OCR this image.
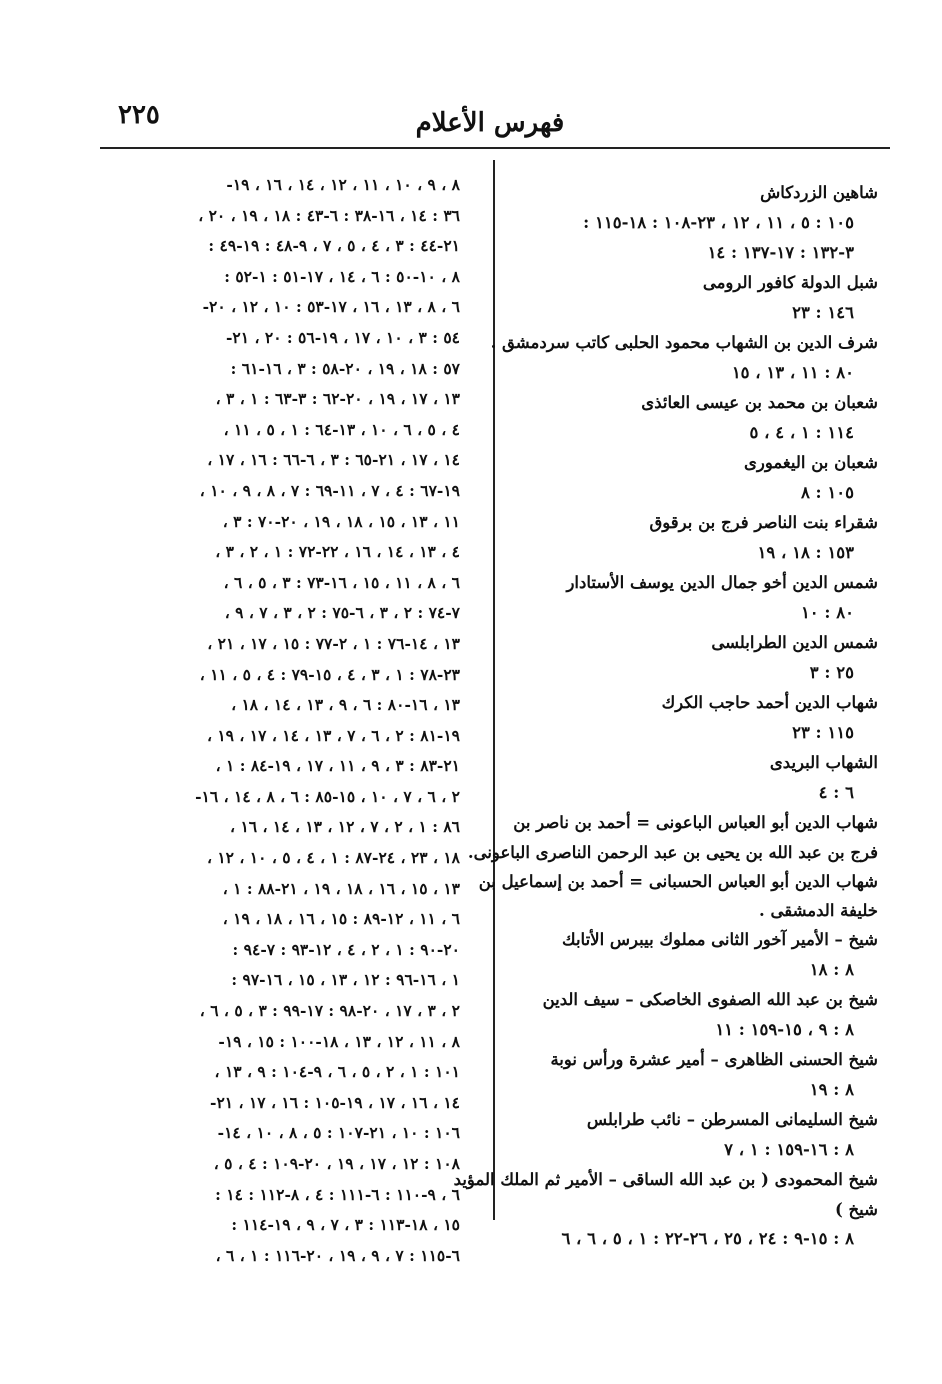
٢٢٥	فهرس الأعلام
شاهين الزردكاش
١٠٥ : ٥ ، ١١ ، ١٢ ، ٢٣-١٠٨ : ١٨-١١٥ :
٣-١٣٢ : ١٧-١٣٧ : ١٤
شبل الدولة كافور الرومى
١٤٦ : ٢٣
شرف الدين بن الشهاب محمود الحلبى كاتب سردمشق .
٨٠ : ١١ ، ١٣ ، ١٥
شعبان بن محمد بن عيسى العائذى
١١٤ : ١ ، ٤ ، ٥
شعبان بن اليغمورى
١٠٥ : ٨
شقراء بنت الناصر فرج بن برقوق
١٥٣ : ١٨ ، ١٩
شمس الدين أخو جمال الدين يوسف الأستادار
٨٠ : ١٠
شمس الدين الطرابلسى
٢٥ : ٣
شهاب الدين أحمد حاجب الكرك
١١٥ : ٢٣
الشهاب البريدى
٦ : ٤
شهاب الدين أبو العباس الباعونى = أحمد بن ناصر بن
فرج بن عبد الله بن يحيى بن عبد الرحمن الناصرى الباعونى.
شهاب الدين أبو العباس الحسبانى = أحمد بن إسماعيل بن
خليفة الدمشقى .
شيخ – الأمير آخور الثانى مملوك بيبرس الأتابك
٨ : ١٨
شيخ بن عبد الله الصفوى الخاصكى – سيف الدين
٨ : ٩ ، ١٥-١٥٩ : ١١
شيخ الحسنى الظاهرى – أمير عشرة ورأس نوبة
٨ : ١٩
شيخ السليمانى المسرطن – نائب طرابلس
٨ : ١٦-١٥٩ : ١ ، ٧
شيخ المحمودى ( بن عبد الله الساقى – الأمير ثم الملك المؤيد
شيخ )
٨ : ١٥-٩ : ٢٤ ، ٢٥ ، ٢٦-٢٢ : ١ ، ٥ ، ٦ ، ٦
٨ ، ٩ ، ١٠ ، ١١ ، ١٢ ، ١٤ ، ١٦ ، ١٩-
٣٦ : ١٤ ، ١٦-٣٨ : ٦-٤٣ : ١٨ ، ١٩ ، ٢٠ ،
٢١-٤٤ : ٣ ، ٤ ، ٥ ، ٧ ، ٩-٤٨ : ١٩-٤٩ :
٨ ، ١٠-٥٠ : ٦ ، ١٤ ، ١٧-٥١ : ١-٥٢ :
٦ ، ٨ ، ١٣ ، ١٦ ، ١٧-٥٣ : ١٠ ، ١٢ ، ٢٠-
٥٤ : ٣ ، ١٠ ، ١٧ ، ١٩-٥٦ : ٢٠ ، ٢١-
٥٧ : ١٨ ، ١٩ ، ٢٠-٥٨ : ٣ ، ١٦-٦١ :
١٣ ، ١٧ ، ١٩ ، ٢٠-٦٢ : ٣-٦٣ : ١ ، ٣ ،
٤ ، ٥ ، ٦ ، ١٠ ، ١٣-٦٤ : ١ ، ٥ ، ١١ ،
١٤ ، ١٧ ، ٢١-٦٥ : ٣ ، ٦-٦٦ : ١٦ ، ١٧ ،
١٩-٦٧ : ٤ ، ٧ ، ١١-٦٩ : ٧ ، ٨ ، ٩ ، ١٠ ،
١١ ، ١٣ ، ١٥ ، ١٨ ، ١٩ ، ٢٠-٧٠ : ٣ ،
٤ ، ١٣ ، ١٤ ، ١٦ ، ٢٢-٧٢ : ١ ، ٢ ، ٣ ،
٦ ، ٨ ، ١١ ، ١٥ ، ١٦-٧٣ : ٣ ، ٥ ، ٦ ،
٧-٧٤ : ٢ ، ٣ ، ٦-٧٥ : ٢ ، ٣ ، ٧ ، ٩ ،
١٣ ، ١٤-٧٦ : ١ ، ٢-٧٧ : ١٥ ، ١٧ ، ٢١ ،
٢٣-٧٨ : ١ ، ٣ ، ٤ ، ١٥-٧٩ : ٤ ، ٥ ، ١١ ،
١٣ ، ١٦-٨٠ : ٦ ، ٩ ، ١٣ ، ١٤ ، ١٨ ،
١٩-٨١ : ٢ ، ٦ ، ٧ ، ١٣ ، ١٤ ، ١٧ ، ١٩ ،
٢١-٨٣ : ٣ ، ٩ ، ١١ ، ١٧ ، ١٩-٨٤ : ١ ،
٢ ، ٦ ، ٧ ، ١٠ ، ١٥-٨٥ : ٦ ، ٨ ، ١٤ ، ١٦-
٨٦ : ١ ، ٢ ، ٧ ، ١٢ ، ١٣ ، ١٤ ، ١٦ ،
١٨ ، ٢٣ ، ٢٤-٨٧ : ١ ، ٤ ، ٥ ، ١٠ ، ١٢ ،
١٣ ، ١٥ ، ١٦ ، ١٨ ، ١٩ ، ٢١-٨٨ : ١ ،
٦ ، ١١ ، ١٢-٨٩ : ١٥ ، ١٦ ، ١٨ ، ١٩ ،
٢٠-٩٠ : ١ ، ٢ ، ٤ ، ١٢-٩٣ : ٧-٩٤ :
١ ، ١٦-٩٦ : ١٢ ، ١٣ ، ١٥ ، ١٦-٩٧ :
٢ ، ٣ ، ١٧ ، ٢٠-٩٨ : ١٧-٩٩ : ٣ ، ٥ ، ٦ ،
٨ ، ١١ ، ١٢ ، ١٣ ، ١٨-١٠٠ : ١٥ ، ١٩-
١٠١ : ١ ، ٢ ، ٥ ، ٦ ، ٩-١٠٤ : ٩ ، ١٣ ،
١٤ ، ١٦ ، ١٧ ، ١٩-١٠٥ : ١٦ ، ١٧ ، ٢١-
١٠٦ : ١٠ ، ٢١-١٠٧ : ٥ ، ٨ ، ١٠ ، ١٤-
١٠٨ : ١٢ ، ١٧ ، ١٩ ، ٢٠-١٠٩ : ٤ ، ٥ ،
٦ ، ٩-١١٠ : ٦-١١١ : ٤ ، ٨-١١٢ : ١٤ :
١٥ ، ١٨-١١٣ : ٣ ، ٧ ، ٩ ، ١٩-١١٤ :
٦-١١٥ : ٧ ، ٩ ، ١٩ ، ٢٠-١١٦ : ١ ، ٦ ،
